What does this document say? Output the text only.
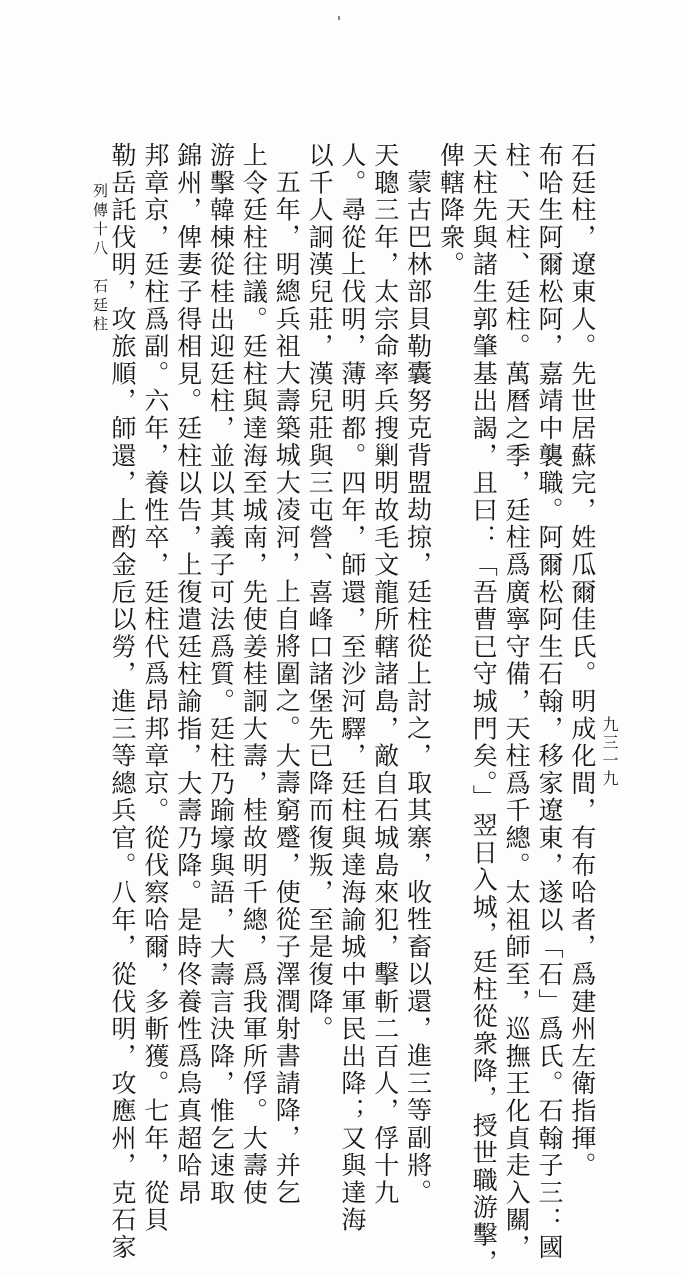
石廷柱，遼東人。先世居蘇完，姓瓜爾佳氏。明成化間，有布哈者，爲建州左衛指揮。
布哈生阿爾松阿，嘉靖中襲職。阿爾松阿生石翰，移家遼東，遂以「石」爲氏。石翰子三：國
柱、天柱、廷柱。萬曆之季，廷柱爲廣寧守備，天柱爲千總。太祖師至，巡撫王化貞走入關，
天柱先與諸生郭肇基出謁，且曰：「吾曹已守城門矣。」翌日入城，廷柱從衆降，授世職游擊，
俾轄降衆。
蒙古巴林部貝勒囊努克背盟劫掠，廷柱從上討之，取其寨，收牲畜以還，進三等副將。
天聰三年，太宗命率兵搜剿明故毛文龍所轄諸島，敵自石城島來犯，擊斬二百人，俘十九
人。尋從上伐明，薄明都。四年，師還，至沙河驛，廷柱與達海諭城中軍民出降；又與達海
以千人詗漢兒莊，漢兒莊與三屯營、喜峰口諸堡先已降而復叛，至是復降。
五年，明總兵祖大壽築城大凌河，上自將圍之。大壽窮蹙，使從子澤潤射書請降，并乞
上令廷柱往議。廷柱與達海至城南，先使姜桂詗大壽，桂故明千總，爲我軍所俘。大壽使
游擊韓棟從桂出迎廷柱，並以其義子可法爲質。廷柱乃踰壕與語，大壽言決降，惟乞速取
錦州，俾妻子得相見。廷柱以告，上復遣廷柱諭指，大壽乃降。是時佟養性爲烏真超哈昂
邦章京，廷柱爲副。六年，養性卒，廷柱代爲昂邦章京。從伐察哈爾，多斬獲。七年，從貝
勒岳託伐明，攻旅順，師還，上酌金卮以勞，進三等總兵官。八年，從伐明，攻應州，克石家
列傳十八　石廷柱
九三一九
